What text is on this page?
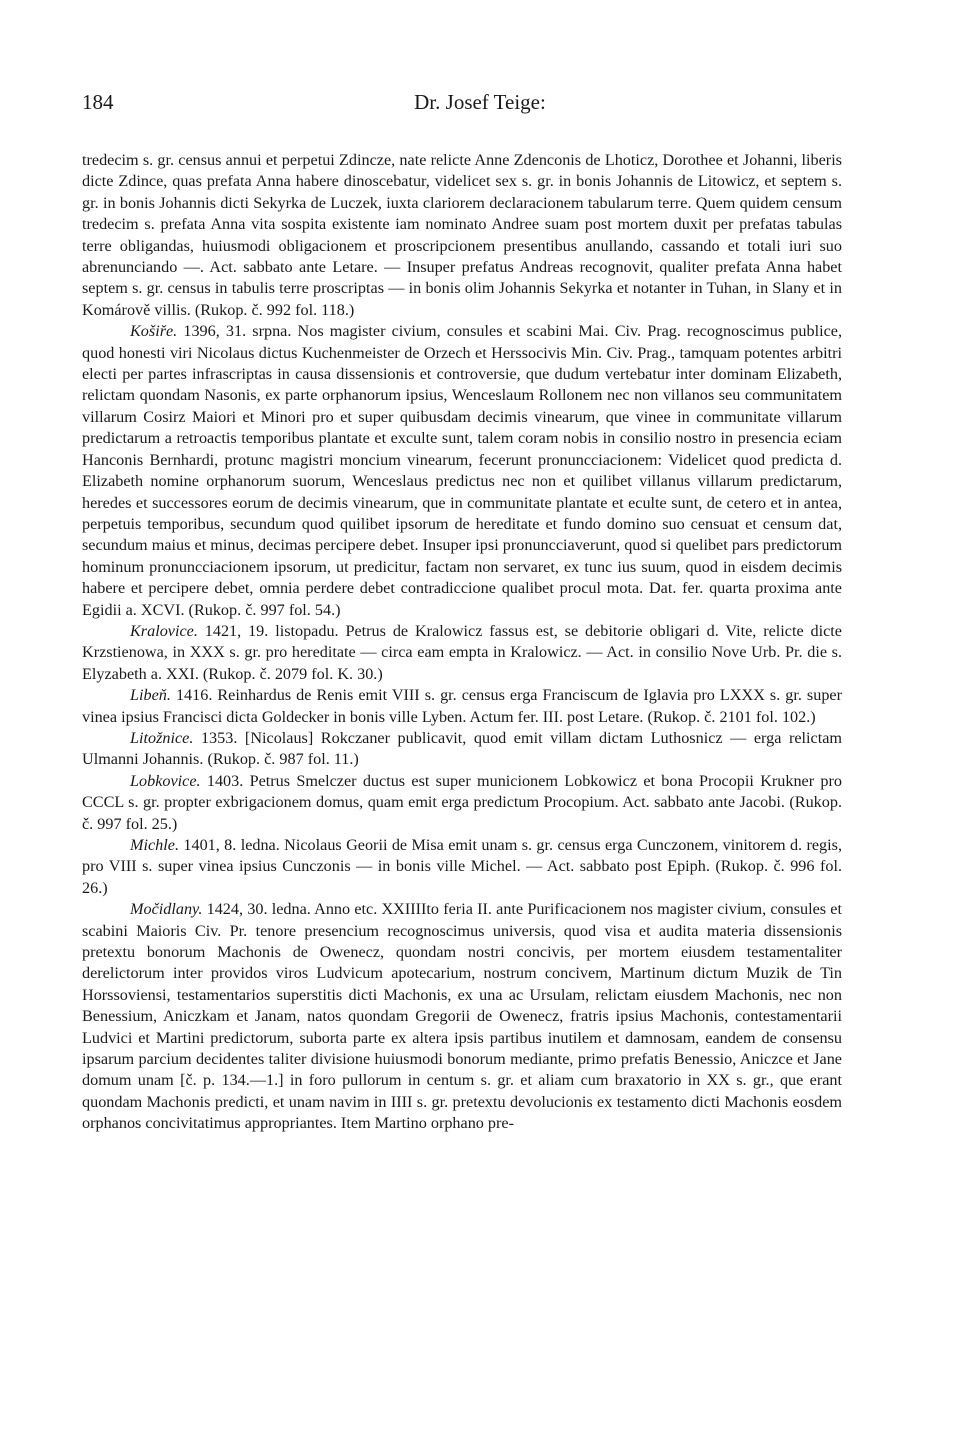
184	Dr. Josef Teige:

tredecim s. gr. census annui et perpetui Zdincze, nate relicte Anne Zdenconis de Lhoticz, Dorothee et Johanni, liberis dicte Zdince, quas prefata Anna habere dinoscebatur, videlicet sex s. gr. in bonis Johannis de Litowicz, et septem s. gr. in bonis Johannis dicti Sekyrka de Luczek, iuxta clariorem declaracionem tabularum terre. Quem quidem censum tredecim s. prefata Anna vita sospita existente iam nominato Andree suam post mortem duxit per prefatas tabulas terre obligandas, huiusmodi obligacionem et proscripcionem presentibus anullando, cassando et totali iuri suo abrenunciando —. Act. sabbato ante Letare. — Insuper prefatus Andreas recognovit, qualiter prefata Anna habet septem s. gr. census in tabulis terre proscriptas — in bonis olim Johannis Sekyrka et notanter in Tuhan, in Slany et in Komárově villis. (Rukop. č. 992 fol. 118.)

Košiře. 1396, 31. srpna. Nos magister civium, consules et scabini Mai. Civ. Prag. recognoscimus publice, quod honesti viri Nicolaus dictus Kuchenmeister de Orzech et Herssocivis Min. Civ. Prag., tamquam potentes arbitri electi per partes infrascriptas in causa dissensionis et controversie, que dudum vertebatur inter dominam Elizabeth, relictam quondam Nasonis, ex parte orphanorum ipsius, Wenceslaum Rollonem nec non villanos seu communitatem villarum Cosirz Maiori et Minori pro et super quibusdam decimis vinearum, que vinee in communitate villarum predictarum a retroactis temporibus plantate et exculte sunt, talem coram nobis in consilio nostro in presencia eciam Hanconis Bernhardi, protunc magistri moncium vinearum, fecerunt pronuncciacionem: Videlicet quod predicta d. Elizabeth nomine orphanorum suorum, Wenceslaus predictus nec non et quilibet villanus villarum predictarum, heredes et successores eorum de decimis vinearum, que in communitate plantate et eculte sunt, de cetero et in antea, perpetuis temporibus, secundum quod quilibet ipsorum de hereditate et fundo domino suo censuat et censum dat, secundum maius et minus, decimas percipere debet. Insuper ipsi pronuncciaverunt, quod si quelibet pars predictorum hominum pronuncciacionem ipsorum, ut predicitur, factam non servaret, ex tunc ius suum, quod in eisdem decimis habere et percipere debet, omnia perdere debet contradiccione qualibet procul mota. Dat. fer. quarta proxima ante Egidii a. XCVI. (Rukop. č. 997 fol. 54.)

Kralovice. 1421, 19. listopadu. Petrus de Kralowicz fassus est, se debitorie obligari d. Vite, relicte dicte Krzstienowa, in XXX s. gr. pro hereditate — circa eam empta in Kralowicz. — Act. in consilio Nove Urb. Pr. die s. Elyzabeth a. XXI. (Rukop. č. 2079 fol. K. 30.)

Libeň. 1416. Reinhardus de Renis emit VIII s. gr. census erga Franciscum de Iglavia pro LXXX s. gr. super vinea ipsius Francisci dicta Goldecker in bonis ville Lyben. Actum fer. III. post Letare. (Rukop. č. 2101 fol. 102.)

Litožnice. 1353. [Nicolaus] Rokczaner publicavit, quod emit villam dictam Luthosnicz — erga relictam Ulmanni Johannis. (Rukop. č. 987 fol. 11.)

Lobkovice. 1403. Petrus Smelczer ductus est super municionem Lobkowicz et bona Procopii Krukner pro CCCL s. gr. propter exbrigacionem domus, quam emit erga predictum Procopium. Act. sabbato ante Jacobi. (Rukop. č. 997 fol. 25.)

Michle. 1401, 8. ledna. Nicolaus Georii de Misa emit unam s. gr. census erga Cunczonem, vinitorem d. regis, pro VIII s. super vinea ipsius Cunczonis — in bonis ville Michel. — Act. sabbato post Epiph. (Rukop. č. 996 fol. 26.)

Močidlany. 1424, 30. ledna. Anno etc. XXIIIIto feria II. ante Purificacionem nos magister civium, consules et scabini Maioris Civ. Pr. tenore presencium recognoscimus universis, quod visa et audita materia dissensionis pretextu bonorum Machonis de Owenecz, quondam nostri concivis, per mortem eiusdem testamentaliter derelictorum inter providos viros Ludvicum apotecarium, nostrum concivem, Martinum dictum Muzik de Tin Horssoviensi, testamentarios superstitis dicti Machonis, ex una ac Ursulam, relictam eiusdem Machonis, nec non Benessium, Aniczkam et Janam, natos quondam Gregorii de Owenecz, fratris ipsius Machonis, contestamentarii Ludvici et Martini predictorum, suborta parte ex altera ipsis partibus inutilem et damnosam, eandem de consensu ipsarum parcium decidentes taliter divisione huiusmodi bonorum mediante, primo prefatis Benessio, Aniczce et Jane domum unam [č. p. 134.—1.] in foro pullorum in centum s. gr. et aliam cum braxatorio in XX s. gr., que erant quondam Machonis predicti, et unam navim in IIII s. gr. pretextu devolucionis ex testamento dicti Machonis eosdem orphanos concivitatimus appropriantes. Item Martino orphano pre-
